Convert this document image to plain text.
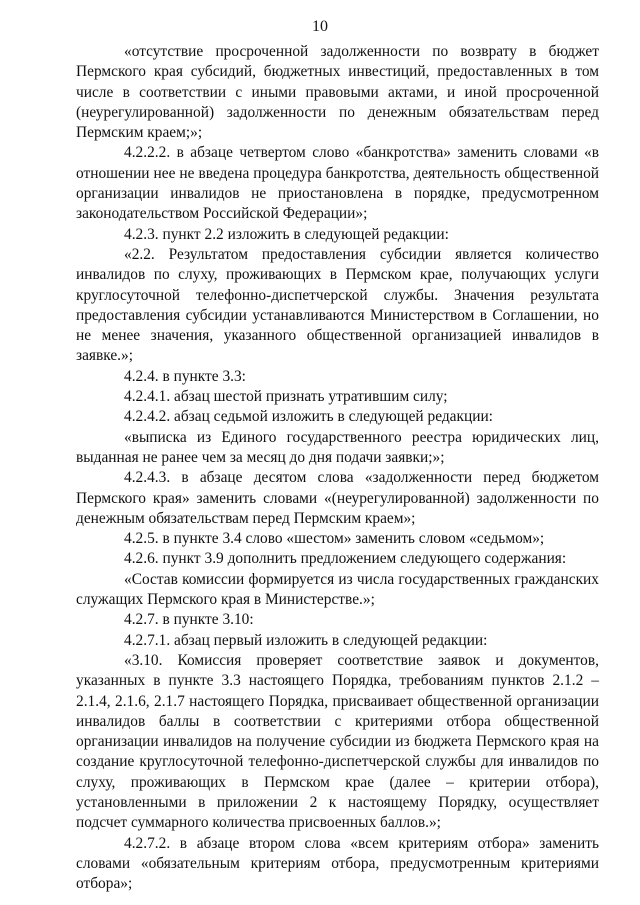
10

«отсутствие просроченной задолженности по возврату в бюджет Пермского края субсидий, бюджетных инвестиций, предоставленных в том числе в соответствии с иными правовыми актами, и иной просроченной (неурегулированной) задолженности по денежным обязательствам перед Пермским краем;»;

4.2.2.2. в абзаце четвертом слово «банкротства» заменить словами «в отношении нее не введена процедура банкротства, деятельность общественной организации инвалидов не приостановлена в порядке, предусмотренном законодательством Российской Федерации»;

4.2.3. пункт 2.2 изложить в следующей редакции:

«2.2. Результатом предоставления субсидии является количество инвалидов по слуху, проживающих в Пермском крае, получающих услуги круглосуточной телефонно-диспетчерской службы. Значения результата предоставления субсидии устанавливаются Министерством в Соглашении, но не менее значения, указанного общественной организацией инвалидов в заявке.»;

4.2.4. в пункте 3.3:

4.2.4.1. абзац шестой признать утратившим силу;

4.2.4.2. абзац седьмой изложить в следующей редакции:

«выписка из Единого государственного реестра юридических лиц, выданная не ранее чем за месяц до дня подачи заявки;»;

4.2.4.3. в абзаце десятом слова «задолженности перед бюджетом Пермского края» заменить словами «(неурегулированной) задолженности по денежным обязательствам перед Пермским краем»;

4.2.5. в пункте 3.4 слово «шестом» заменить словом «седьмом»;

4.2.6. пункт 3.9 дополнить предложением следующего содержания:

«Состав комиссии формируется из числа государственных гражданских служащих Пермского края в Министерстве.»;

4.2.7. в пункте 3.10:

4.2.7.1. абзац первый изложить в следующей редакции:

«3.10. Комиссия проверяет соответствие заявок и документов, указанных в пункте 3.3 настоящего Порядка, требованиям пунктов 2.1.2 – 2.1.4, 2.1.6, 2.1.7 настоящего Порядка, присваивает общественной организации инвалидов баллы в соответствии с критериями отбора общественной организации инвалидов на получение субсидии из бюджета Пермского края на создание круглосуточной телефонно-диспетчерской службы для инвалидов по слуху, проживающих в Пермском крае (далее – критерии отбора), установленными в приложении 2 к настоящему Порядку, осуществляет подсчет суммарного количества присвоенных баллов.»;

4.2.7.2. в абзаце втором слова «всем критериям отбора» заменить словами «обязательным критериям отбора, предусмотренным критериями отбора»;
